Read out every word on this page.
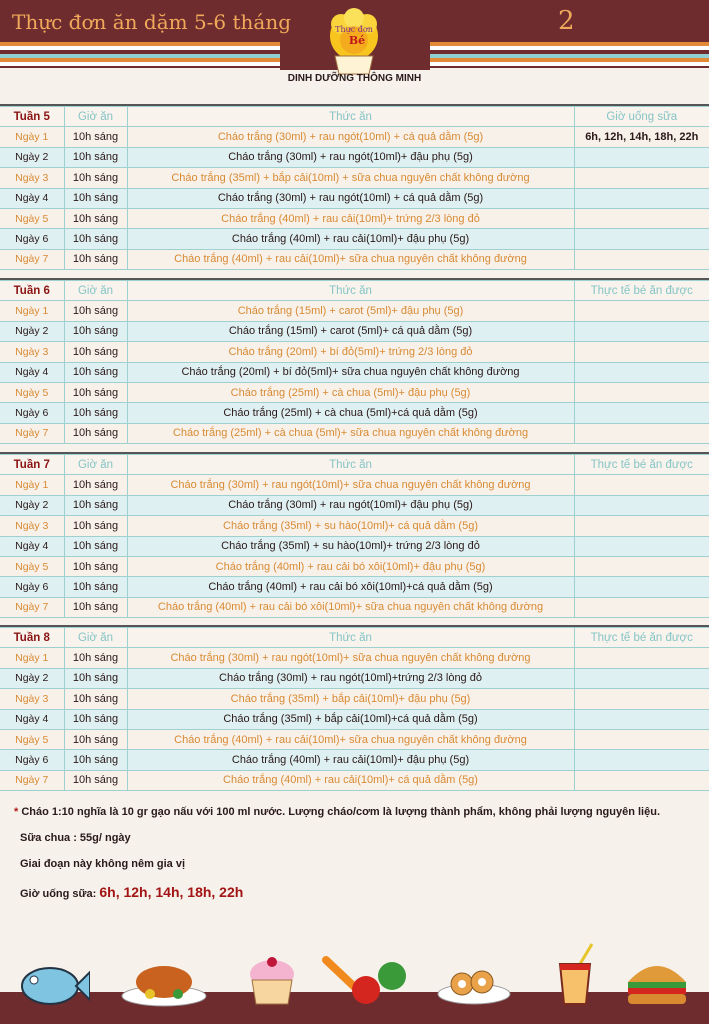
Thực đơn ăn dặm 5-6 tháng	2
Thực đơn
Bé
DINH DƯỠNG THÔNG MINH
Tuần 5	Giờ ăn	Thức ăn	Giờ uống sữa
Ngày 1	10h sáng	Cháo trắng (30ml) + rau ngót(10ml) + cá quả dằm (5g)	6h, 12h, 14h, 18h, 22h
Ngày 2	10h sáng	Cháo trắng (30ml) + rau ngót(10ml)+ đậu phụ (5g)	
Ngày 3	10h sáng	Cháo trắng (35ml) + bắp cải(10ml) + sữa chua nguyên chất không đường	
Ngày 4	10h sáng	Cháo trắng (30ml) + rau ngót(10ml) + cá quả dằm (5g)	
Ngày 5	10h sáng	Cháo trắng (40ml) + rau cải(10ml)+ trứng 2/3 lòng đỏ	
Ngày 6	10h sáng	Cháo trắng (40ml) + rau cải(10ml)+ đậu phụ (5g)	
Ngày 7	10h sáng	Cháo trắng (40ml) + rau cải(10ml)+ sữa chua nguyên chất không đường	
Tuần 6	Giờ ăn	Thức ăn	Thực tế bé ăn được
Ngày 1	10h sáng	Cháo trắng (15ml) + carot (5ml)+ đậu phụ (5g)	
Ngày 2	10h sáng	Cháo trắng (15ml) + carot (5ml)+ cá quả dằm (5g)	
Ngày 3	10h sáng	Cháo trắng (20ml) + bí đỏ(5ml)+ trứng 2/3 lòng đỏ	
Ngày 4	10h sáng	Cháo trắng (20ml) + bí đỏ(5ml)+ sữa chua nguyên chất không đường	
Ngày 5	10h sáng	Cháo trắng (25ml) + cà chua (5ml)+ đậu phụ (5g)	
Ngày 6	10h sáng	Cháo trắng (25ml) + cà chua (5ml)+cá quả dằm (5g)	
Ngày 7	10h sáng	Cháo trắng (25ml) + cà chua (5ml)+ sữa chua nguyên chất không đường	
Tuần 7	Giờ ăn	Thức ăn	Thực tế bé ăn được
Ngày 1	10h sáng	Cháo trắng (30ml) + rau ngót(10ml)+ sữa chua nguyên chất không đường	
Ngày 2	10h sáng	Cháo trắng (30ml) + rau ngót(10ml)+ đậu phụ (5g)	
Ngày 3	10h sáng	Cháo trắng (35ml) + su hào(10ml)+ cá quả dằm (5g)	
Ngày 4	10h sáng	Cháo trắng (35ml) + su hào(10ml)+ trứng 2/3 lòng đỏ	
Ngày 5	10h sáng	Cháo trắng (40ml) + rau cải bó xôi(10ml)+ đậu phụ (5g)	
Ngày 6	10h sáng	Cháo trắng (40ml) + rau cải bó xôi(10ml)+cá quả dằm (5g)	
Ngày 7	10h sáng	Cháo trắng (40ml) + rau cải bó xôi(10ml)+ sữa chua nguyên chất không đường	
Tuần 8	Giờ ăn	Thức ăn	Thực tế bé ăn được
Ngày 1	10h sáng	Cháo trắng (30ml) + rau ngót(10ml)+ sữa chua nguyên chất không đường	
Ngày 2	10h sáng	Cháo trắng (30ml) + rau ngót(10ml)+trứng 2/3 lòng đỏ	
Ngày 3	10h sáng	Cháo trắng (35ml) + bắp cải(10ml)+ đậu phụ (5g)	
Ngày 4	10h sáng	Cháo trắng (35ml) + bắp cải(10ml)+cá quả dằm (5g)	
Ngày 5	10h sáng	Cháo trắng (40ml) + rau cải(10ml)+ sữa chua nguyên chất không đường	
Ngày 6	10h sáng	Cháo trắng (40ml) + rau cải(10ml)+ đậu phụ (5g)	
Ngày 7	10h sáng	Cháo trắng (40ml) + rau cải(10ml)+ cá quả dằm (5g)	
* Cháo 1:10 nghĩa là 10 gr gạo nấu với 100 ml nước. Lượng cháo/cơm là lượng thành phẩm, không phải lượng nguyên liệu.
Sữa chua : 55g/ ngày
Giai đoạn này không nêm gia vị
Giờ uống sữa: 6h, 12h, 14h, 18h, 22h
